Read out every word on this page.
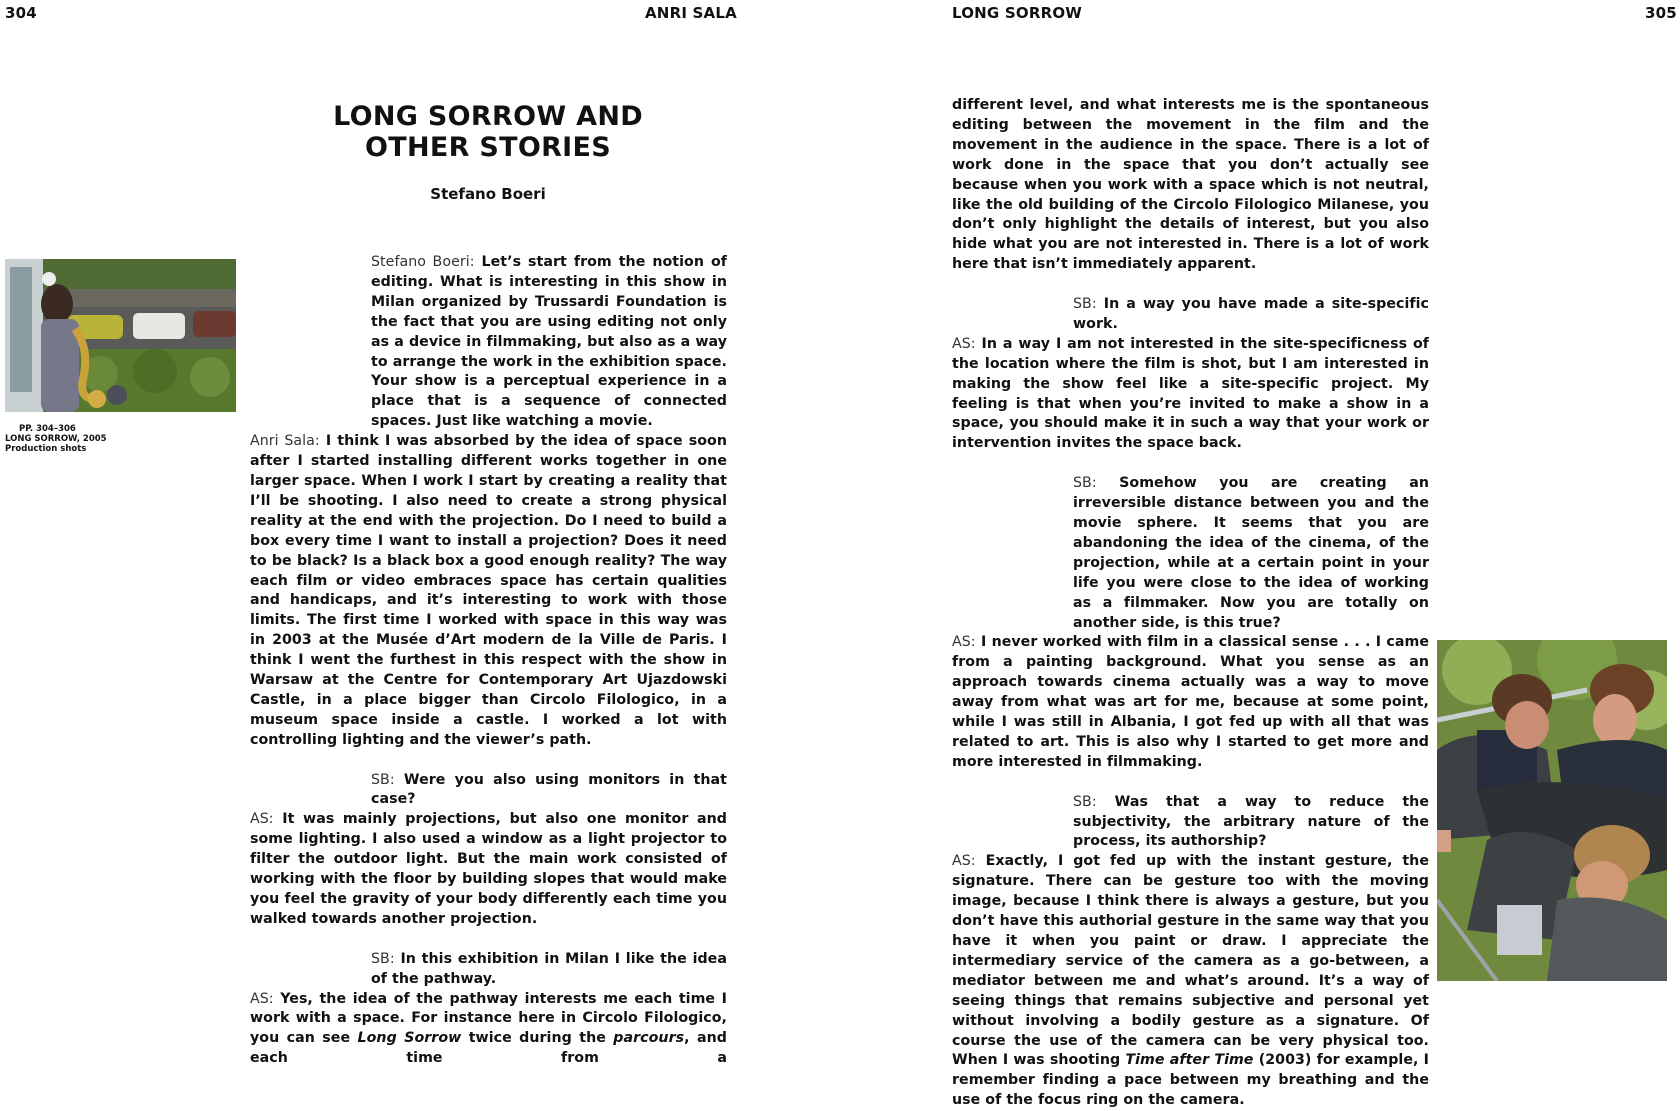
304	ANRI SALA	LONG SORROW	305
LONG SORROW AND
OTHER STORIES
Stefano Boeri
PP. 304–306
LONG SORROW, 2005
Production shots

Stefano Boeri: Let’s start from the notion of editing. What is interesting in this show in Milan organized by Trussardi Foundation is the fact that you are using editing not only as a device in filmmaking, but also as a way to arrange the work in the exhibition space. Your show is a perceptual experience in a place that is a sequence of connected spaces. Just like watching a movie.

Anri Sala: I think I was absorbed by the idea of space soon after I started installing different works together in one larger space. When I work I start by creating a reality that I’ll be shooting. I also need to create a strong physical reality at the end with the projection. Do I need to build a box every time I want to install a projection? Does it need to be black? Is a black box a good enough reality? The way each film or video embraces space has certain qualities and handicaps, and it’s interesting to work with those limits. The first time I worked with space in this way was in 2003 at the Musée d’Art modern de la Ville de Paris. I think I went the furthest in this respect with the show in Warsaw at the Centre for Contemporary Art Ujazdowski Castle, in a place bigger than Circolo Filologico, in a museum space inside a castle. I worked a lot with controlling lighting and the viewer’s path.

SB: Were you also using monitors in that case?

AS: It was mainly projections, but also one monitor and some lighting. I also used a window as a light projector to filter the outdoor light. But the main work consisted of working with the floor by building slopes that would make you feel the gravity of your body differently each time you walked towards another projection.

SB: In this exhibition in Milan I like the idea of the pathway.

AS: Yes, the idea of the pathway interests me each time I work with a space. For instance here in Circolo Filologico, you can see Long Sorrow twice during the parcours, and each time from a

different level, and what interests me is the spontaneous editing between the movement in the film and the movement in the audience in the space. There is a lot of work done in the space that you don’t actually see because when you work with a space which is not neutral, like the old building of the Circolo Filologico Milanese, you don’t only highlight the details of interest, but you also hide what you are not interested in. There is a lot of work here that isn’t immediately apparent.

SB: In a way you have made a site-specific work.

AS: In a way I am not interested in the site-specificness of the location where the film is shot, but I am interested in making the show feel like a site-specific project. My feeling is that when you’re invited to make a show in a space, you should make it in such a way that your work or intervention invites the space back.

SB: Somehow you are creating an irreversible distance between you and the movie sphere. It seems that you are abandoning the idea of the cinema, of the projection, while at a certain point in your life you were close to the idea of working as a filmmaker. Now you are totally on another side, is this true?

AS: I never worked with film in a classical sense . . . I came from a painting background. What you sense as an approach towards cinema actually was a way to move away from what was art for me, because at some point, while I was still in Albania, I got fed up with all that was related to art. This is also why I started to get more and more interested in filmmaking.

SB: Was that a way to reduce the subjectivity, the arbitrary nature of the process, its authorship?

AS: Exactly, I got fed up with the instant gesture, the signature. There can be gesture too with the moving image, because I think there is always a gesture, but you don’t have this authorial gesture in the same way that you have it when you paint or draw. I appreciate the intermediary service of the camera as a go-between, a mediator between me and what’s around. It’s a way of seeing things that remains subjective and personal yet without involving a bodily gesture as a signature. Of course the use of the camera can be very physical too. When I was shooting Time after Time (2003) for example, I remember finding a pace between my breathing and the use of the focus ring on the camera.
